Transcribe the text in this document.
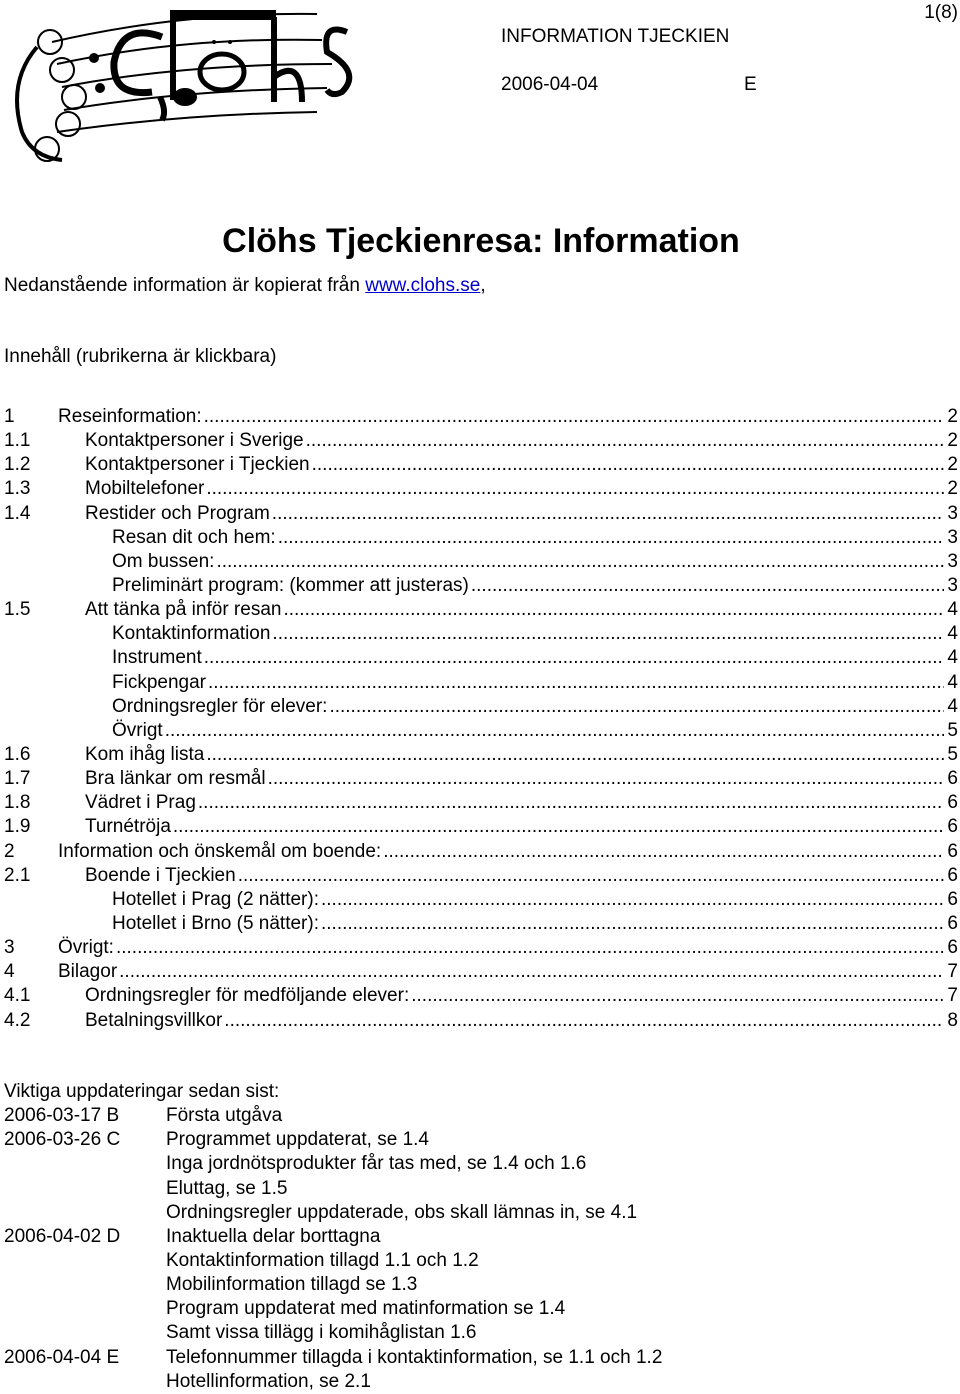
1(8)
INFORMATION TJECKIEN
2006-04-04	E
Clöhs Tjeckienresa: Information
Nedanstående information är kopierat från www.clohs.se,
Innehåll (rubrikerna är klickbara)
1 Reseinformation: .....	2
1.1	Kontaktpersoner i Sverige .....	2
1.2	Kontaktpersoner i Tjeckien .....	2
1.3	Mobiltelefoner .....	2
1.4	Restider och Program .....	3
Resan dit och hem: .....	3
Om bussen: .....	3
Preliminärt program: (kommer att justeras) .....	3
1.5	Att tänka på inför resan .....	4
Kontaktinformation .....	4
Instrument .....	4
Fickpengar .....	4
Ordningsregler för elever: .....	4
Övrigt .....	5
1.6	Kom ihåg lista .....	5
1.7	Bra länkar om resmål .....	6
1.8	Vädret i Prag .....	6
1.9	Turnétröja .....	6
2 Information och önskemål om boende: .....	6
2.1	Boende i Tjeckien .....	6
Hotellet i Prag (2 nätter): .....	6
Hotellet i Brno (5 nätter): .....	6
3 Övrigt: .....	6
4 Bilagor .....	7
4.1	Ordningsregler för medföljande elever: .....	7
4.2	Betalningsvillkor .....	8
Viktiga uppdateringar sedan sist:
2006-03-17 B Första utgåva
2006-03-26 C Programmet uppdaterat, se 1.4
Inga jordnötsprodukter får tas med, se 1.4 och 1.6
Eluttag, se 1.5
Ordningsregler uppdaterade, obs skall lämnas in, se 4.1
2006-04-02 D Inaktuella delar borttagna
Kontaktinformation tillagd 1.1 och 1.2
Mobilinformation tillagd se 1.3
Program uppdaterat med matinformation se 1.4
Samt vissa tillägg i komihåglistan 1.6
2006-04-04 E Telefonnummer tillagda i kontaktinformation, se 1.1 och 1.2
Hotellinformation, se 2.1
